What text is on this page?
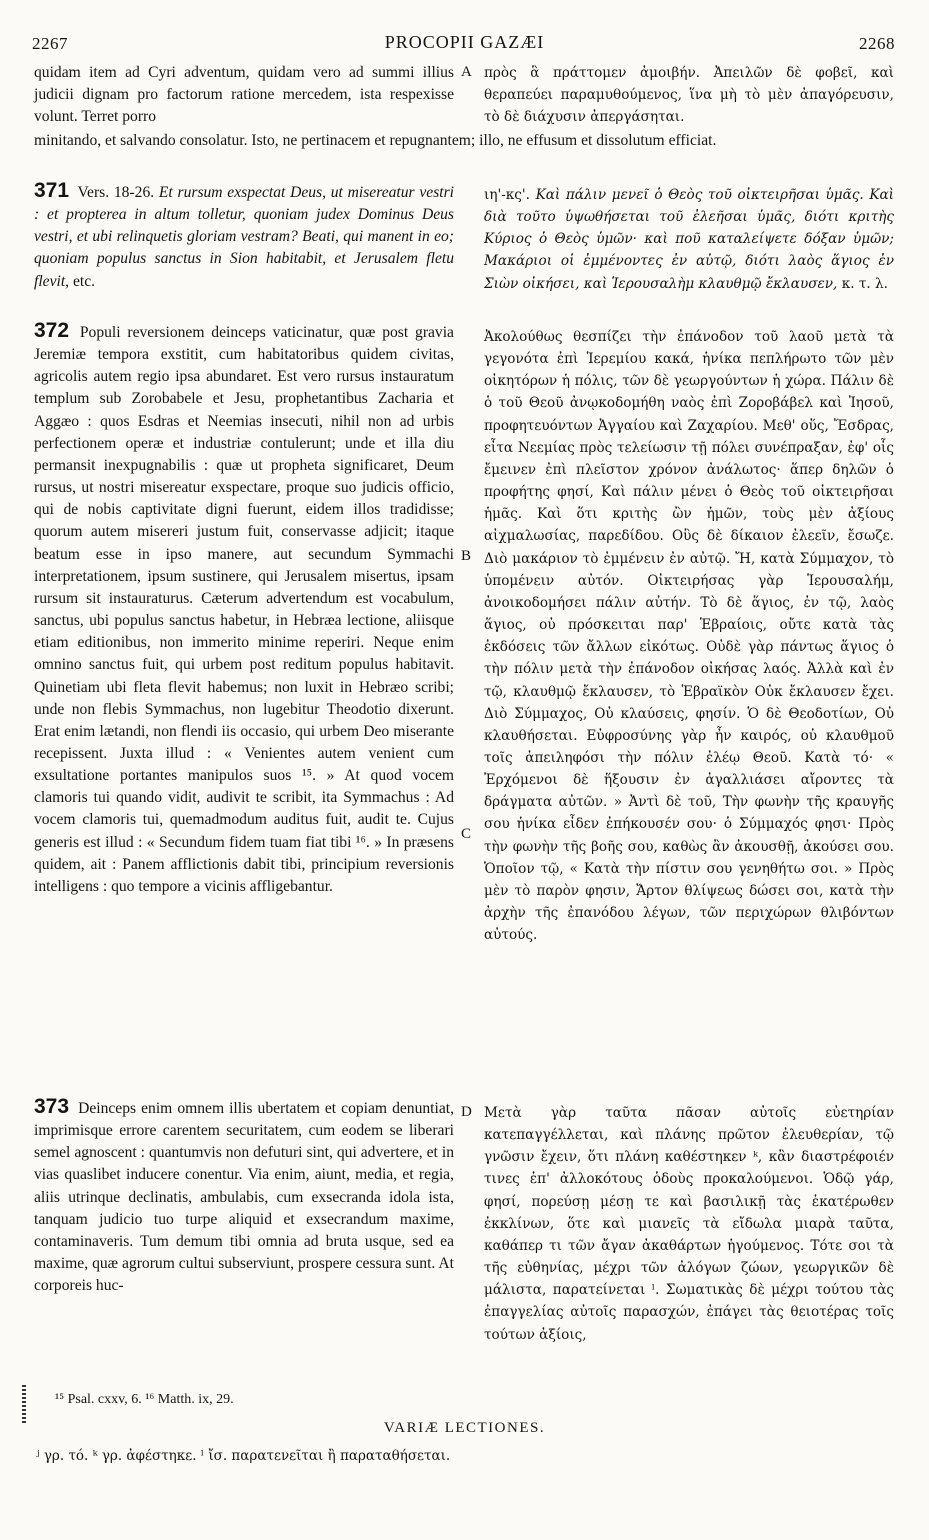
2267	PROCOPII GAZÆI	2268

quidam item ad Cyri adventum, quidam vero ad summi illius judicii dignam pro factorum ratione mercedem, ista respexisse volunt. Terret porro

A πρὸς ἃ πράττομεν ἀμοιβήν. Ἀπειλῶν δὲ φοβεῖ, καὶ θεραπεύει παραμυθούμενος, ἵνα μὴ τὸ μὲν ἀπαγόρευσιν, τὸ δὲ διάχυσιν ἀπεργάσηται.

minitando, et salvando consolatur. Isto, ne pertinacem et repugnantem; illo, ne effusum et dissolutum efficiat.

371 Vers. 18-26. Et rursum exspectat Deus, ut misereatur vestri : et propterea in altum tolletur, quoniam judex Dominus Deus vestri, et ubi relinquetis gloriam vestram? Beati, qui manent in eo; quoniam populus sanctus in Sion habitabit, et Jerusalem fletu flevit, etc.

ιη'-κς'. Καὶ πάλιν μενεῖ ὁ Θεὸς τοῦ οἰκτειρῆσαι ὑμᾶς. Καὶ διὰ τοῦτο ὑψωθήσεται τοῦ ἐλεῆσαι ὑμᾶς, διότι κριτὴς Κύριος ὁ Θεὸς ὑμῶν· καὶ ποῦ καταλείψετε δόξαν ὑμῶν; Μακάριοι οἱ ἐμμένοντες ἐν αὐτῷ, διότι λαὸς ἅγιος ἐν Σιὼν οἰκήσει, καὶ Ἱερουσαλὴμ κλαυθμῷ ἔκλαυσεν, κ. τ. λ.

372 Populi reversionem deinceps vaticinatur, quæ post gravia Jeremiæ tempora exstitit, cum habitatoribus quidem civitas, agricolis autem regio ipsa abundaret. Est vero rursus instauratum templum sub Zorobabele et Jesu, prophetantibus Zacharia et Aggæo : quos Esdras et Neemias insecuti, nihil non ad urbis perfectionem operæ et industriæ contulerunt; unde et illa diu permansit inexpugnabilis : quæ ut propheta significaret, Deum rursus, ut nostri misereatur exspectare, proque suo judicis officio, qui de nobis captivitate digni fuerunt, eidem illos tradidisse; quorum autem misereri justum fuit, conservasse adjicit; itaque beatum esse in ipso manere, aut secundum Symmachi interpretationem, ipsum sustinere, qui Jerusalem misertus, ipsam rursum sit instauraturus. Cæterum advertendum est vocabulum, sanctus, ubi populus sanctus habetur, in Hebræa lectione, aliisque etiam editionibus, non immerito minime reperiri. Neque enim omnino sanctus fuit, qui urbem post reditum populus habitavit. Quinetiam ubi fleta flevit habemus; non luxit in Hebræo scribi; unde non flebis Symmachus, non lugebitur Theodotio dixerunt. Erat enim lætandi, non flendi iis occasio, qui urbem Deo miserante recepissent. Juxta illud : « Venientes autem venient cum exsultatione portantes manipulos suos ¹⁵. » At quod vocem clamoris tui quando vidit, audivit te scribit, ita Symmachus : Ad vocem clamoris tui, quemadmodum auditus fuit, audit te. Cujus generis est illud : « Secundum fidem tuam fiat tibi ¹⁶. » In præsens quidem, ait : Panem afflictionis dabit tibi, principium reversionis intelligens : quo tempore a vicinis affligebantur.

B
C

Ἀκολούθως θεσπίζει τὴν ἐπάνοδον τοῦ λαοῦ μετὰ τὰ γεγονότα ἐπὶ Ἱερεμίου κακά, ἡνίκα πεπλήρωτο τῶν μὲν οἰκητόρων ἡ πόλις, τῶν δὲ γεωργούντων ἡ χώρα. Πάλιν δὲ ὁ τοῦ Θεοῦ ἀνῳκοδομήθη ναὸς ἐπὶ Ζοροβάβελ καὶ Ἰησοῦ, προφητευόντων Ἀγγαίου καὶ Ζαχαρίου. Μεθ' οὕς, Ἔσδρας, εἶτα Νεεμίας πρὸς τελείωσιν τῇ πόλει συνέπραξαν, ἐφ' οἷς ἔμεινεν ἐπὶ πλεῖστον χρόνον ἀνάλωτος· ἅπερ δηλῶν ὁ προφήτης φησί, Καὶ πάλιν μένει ὁ Θεὸς τοῦ οἰκτειρῆσαι ἡμᾶς. Καὶ ὅτι κριτὴς ὢν ἡμῶν, τοὺς μὲν ἀξίους αἰχμαλωσίας, παρεδίδου. Οὓς δὲ δίκαιον ἐλεεῖν, ἔσωζε. Διὸ μακάριον τὸ ἐμμένειν ἐν αὐτῷ. Ἤ, κατὰ Σύμμαχον, τὸ ὑπομένειν αὐτόν. Οἰκτειρήσας γὰρ Ἱερουσαλήμ, ἀνοικοδομήσει πάλιν αὐτήν. Τὸ δὲ ἅγιος, ἐν τῷ, λαὸς ἅγιος, οὐ πρόσκειται παρ' Ἑβραίοις, οὔτε κατὰ τὰς ἐκδόσεις τῶν ἄλλων εἰκότως. Οὐδὲ γὰρ πάντως ἅγιος ὁ τὴν πόλιν μετὰ τὴν ἐπάνοδον οἰκήσας λαός. Ἀλλὰ καὶ ἐν τῷ, κλαυθμῷ ἔκλαυσεν, τὸ Ἑβραϊκὸν Οὐκ ἔκλαυσεν ἔχει. Διὸ Σύμμαχος, Οὐ κλαύσεις, φησίν. Ὁ δὲ Θεοδοτίων, Οὐ κλαυθήσεται. Εὐφροσύνης γὰρ ἦν καιρός, οὐ κλαυθμοῦ τοῖς ἀπειληφόσι τὴν πόλιν ἐλέῳ Θεοῦ. Κατὰ τό· « Ἐρχόμενοι δὲ ἥξουσιν ἐν ἀγαλλιάσει αἴροντες τὰ δράγματα αὐτῶν. » Ἀντὶ δὲ τοῦ, Τὴν φωνὴν τῆς κραυγῆς σου ἡνίκα εἶδεν ἐπήκουσέν σου· ὁ Σύμμαχός φησι· Πρὸς τὴν φωνὴν τῆς βοῆς σου, καθὼς ἂν ἀκουσθῇ, ἀκούσει σου. Ὁποῖον τῷ, « Κατὰ τὴν πίστιν σου γενηθήτω σοι. » Πρὸς μὲν τὸ παρὸν φησιν, Ἄρτον θλίψεως δώσει σοι, κατὰ τὴν ἀρχὴν τῆς ἐπανόδου λέγων, τῶν περιχώρων θλιβόντων αὐτούς.

373 Deinceps enim omnem illis ubertatem et copiam denuntiat, imprimisque errore carentem securitatem, cum eodem se liberari semel agnoscent : quantumvis non defuturi sint, qui advertere, et in vias quaslibet inducere conentur. Via enim, aiunt, media, et regia, aliis utrinque declinatis, ambulabis, cum exsecranda idola ista, tanquam judicio tuo turpe aliquid et exsecrandum maxime, contaminaveris. Tum demum tibi omnia ad bruta usque, sed ea maxime, quæ agrorum cultui subserviunt, prospere cessura sunt. At corporeis huc-

D Μετὰ γὰρ ταῦτα πᾶσαν αὐτοῖς εὐετηρίαν κατεπαγγέλλεται, καὶ πλάνης πρῶτον ἐλευθερίαν, τῷ γνῶσιν ἔχειν, ὅτι πλάνη καθέστηκεν ᵏ, κἂν διαστρέφοιέν τινες ἐπ' ἀλλοκότους ὁδοὺς προκαλούμενοι. Ὁδῷ γάρ, φησί, πορεύσῃ μέσῃ τε καὶ βασιλικῇ τὰς ἑκατέρωθεν ἐκκλίνων, ὅτε καὶ μιανεῖς τὰ εἴδωλα μιαρὰ ταῦτα, καθάπερ τι τῶν ἄγαν ἀκαθάρτων ἡγούμενος. Τότε σοι τὰ τῆς εὐθηνίας, μέχρι τῶν ἀλόγων ζώων, γεωργικῶν δὲ μάλιστα, παρατείνεται ˡ. Σωματικὰς δὲ μέχρι τούτου τὰς ἐπαγγελίας αὐτοῖς παρασχών, ἐπάγει τὰς θειοτέρας τοῖς τούτων ἀξίοις,

¹⁵ Psal. cxxv, 6. ¹⁶ Matth. ix, 29.
VARIÆ LECTIONES.
ʲ γρ. τό. ᵏ γρ. ἀφέστηκε. ˡ ἴσ. παρατενεῖται ἢ παραταθήσεται.
